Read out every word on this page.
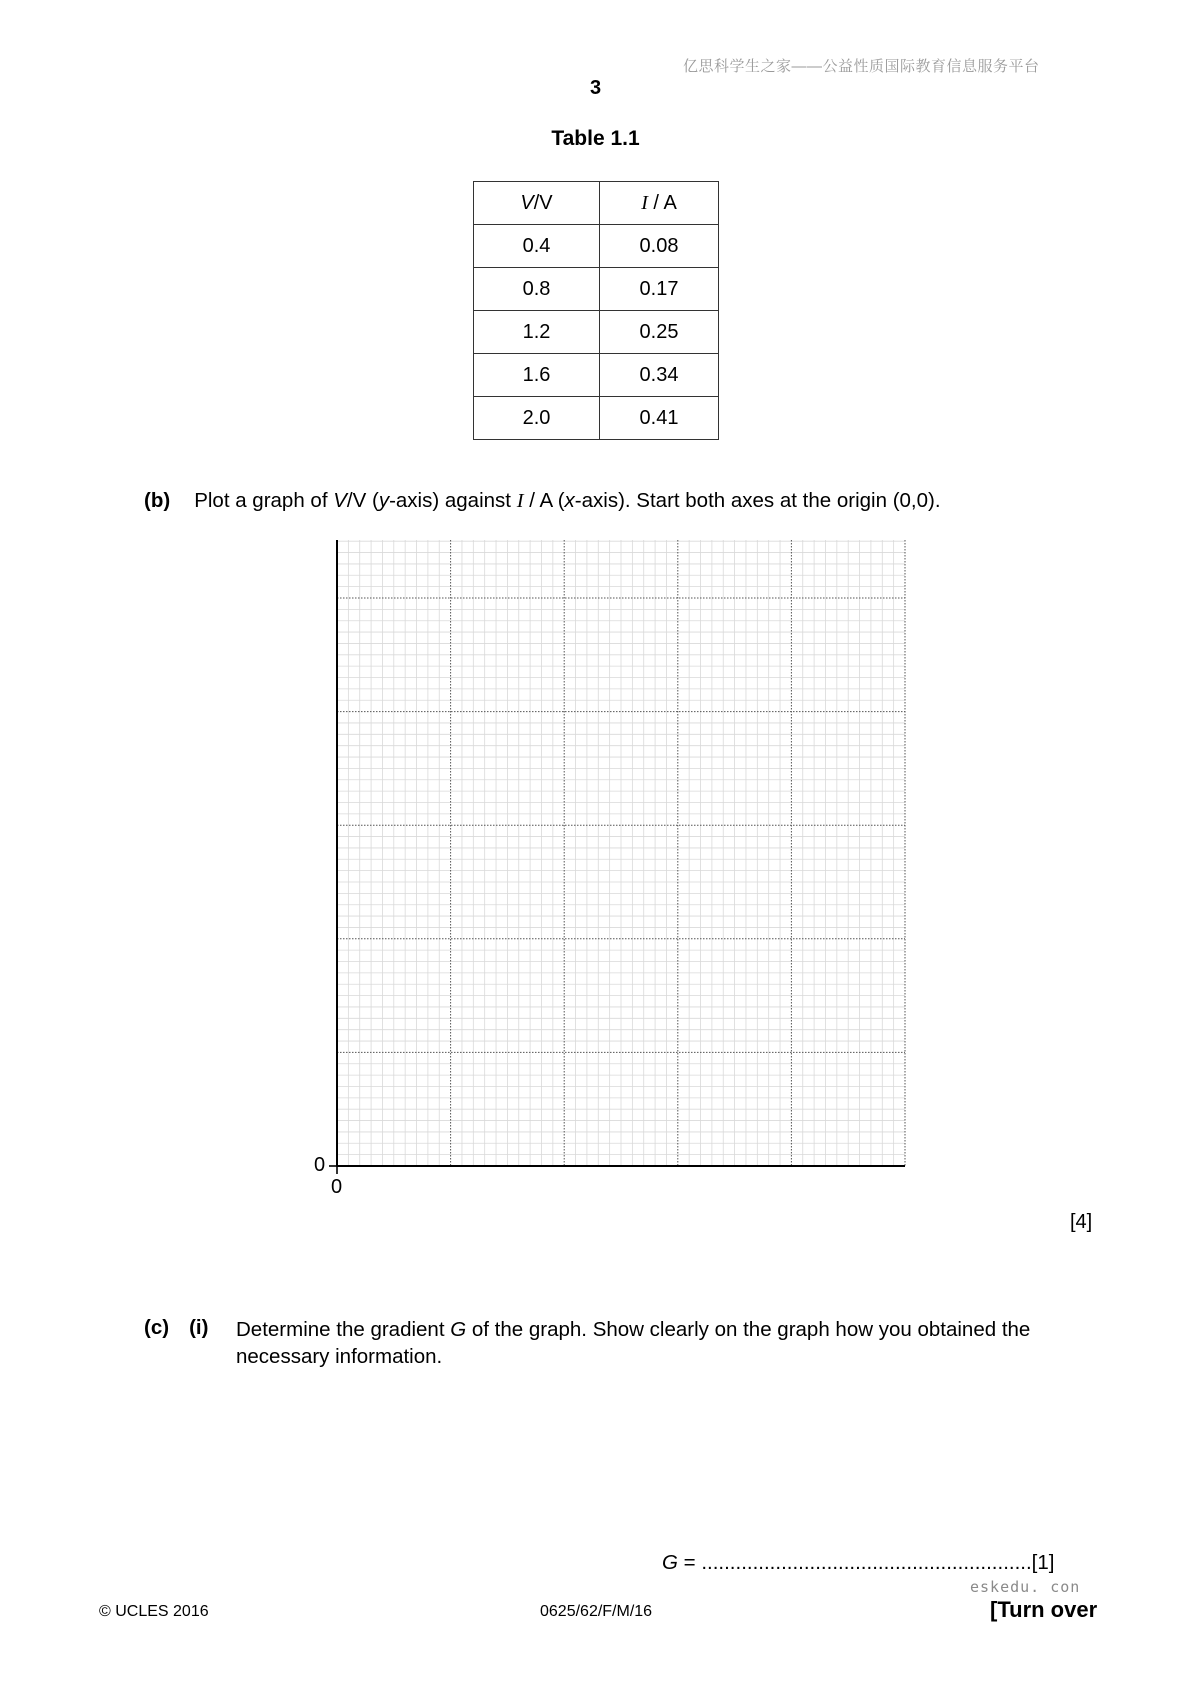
亿思科学生之家——公益性质国际教育信息服务平台
3
Table 1.1
V/V	I / A
0.4	0.08
0.8	0.17
1.2	0.25
1.6	0.34
2.0	0.41
(b) Plot a graph of V/V (y-axis) against I / A (x-axis). Start both axes at the origin (0,0).
0
0
[4]
(c) (i) Determine the gradient G of the graph. Show clearly on the graph how you obtained the necessary information.
G = ..........................................................[1]
eskedu. con
© UCLES 2016	0625/62/F/M/16	[Turn over
